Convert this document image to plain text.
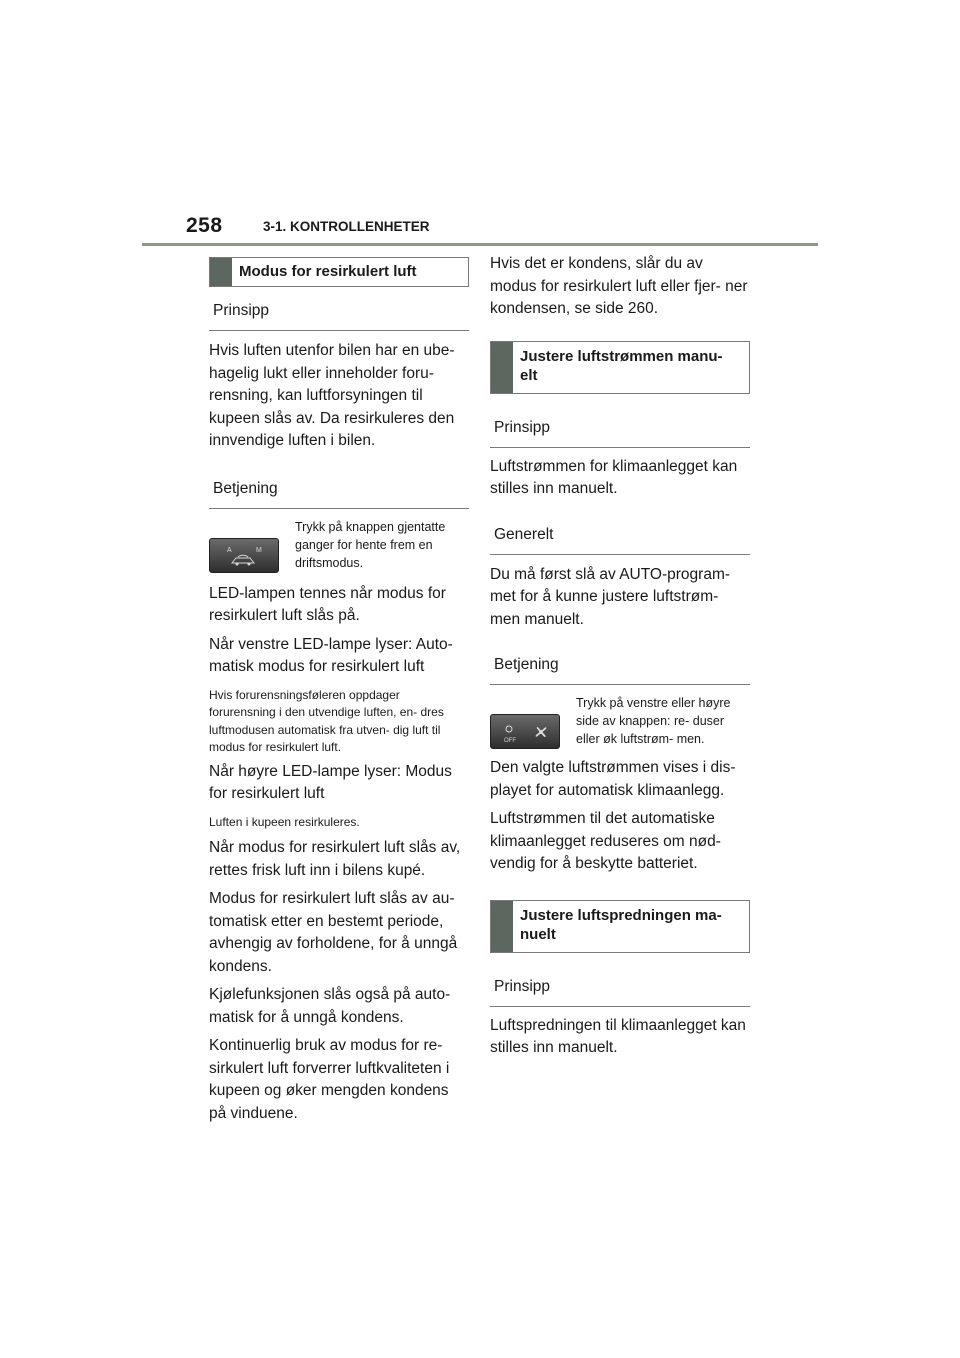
258	3-1. KONTROLLENHETER
Modus for resirkulert luft
Prinsipp

Hvis luften utenfor bilen har en ube- hagelig lukt eller inneholder foru- rensning, kan luftforsyningen til kupeen slås av. Da resirkuleres den innvendige luften i bilen.

Betjening
A	M
Trykk på knappen gjentatte ganger for hente frem en driftsmodus.

LED-lampen tennes når modus for resirkulert luft slås på.

Når venstre LED-lampe lyser: Auto- matisk modus for resirkulert luft

Hvis forurensningsføleren oppdager forurensning i den utvendige luften, en- dres luftmodusen automatisk fra utven- dig luft til modus for resirkulert luft.

Når høyre LED-lampe lyser: Modus for resirkulert luft

Luften i kupeen resirkuleres.

Når modus for resirkulert luft slås av, rettes frisk luft inn i bilens kupé.

Modus for resirkulert luft slås av au- tomatisk etter en bestemt periode, avhengig av forholdene, for å unngå kondens.

Kjølefunksjonen slås også på auto- matisk for å unngå kondens.

Kontinuerlig bruk av modus for re- sirkulert luft forverrer luftkvaliteten i kupeen og øker mengden kondens på vinduene.

Hvis det er kondens, slår du av modus for resirkulert luft eller fjer- ner kondensen, se side 260.

Justere luftstrømmen manu- elt
Prinsipp

Luftstrømmen for klimaanlegget kan stilles inn manuelt.

Generelt

Du må først slå av AUTO-program- met for å kunne justere luftstrøm- men manuelt.

Betjening
OFF
Trykk på venstre eller høyre side av knappen: re- duser eller øk luftstrøm- men.

Den valgte luftstrømmen vises i dis- playet for automatisk klimaanlegg.

Luftstrømmen til det automatiske klimaanlegget reduseres om nød- vendig for å beskytte batteriet.

Justere luftspredningen ma- nuelt
Prinsipp

Luftspredningen til klimaanlegget kan stilles inn manuelt.
